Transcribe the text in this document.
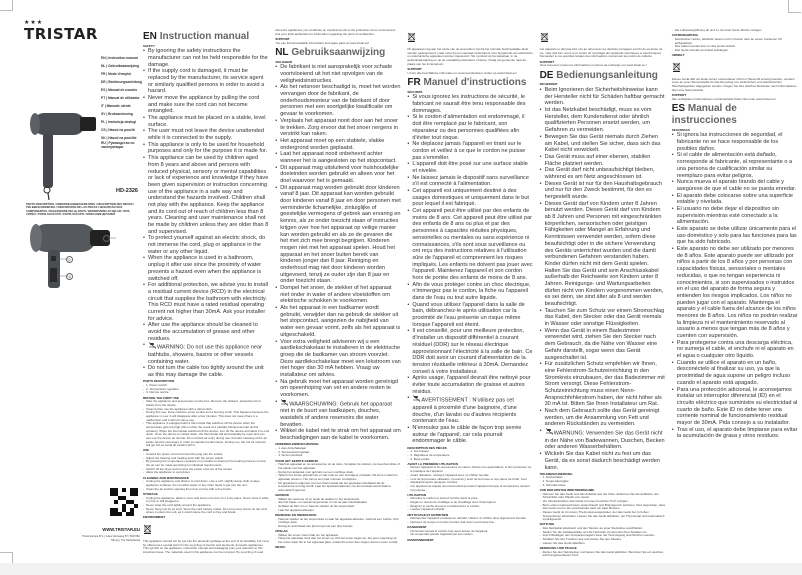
★★★
TRISTAR
EN | Instruction manual
NL | Gebruiksaanwijzing
FR | Mode d'emploi
DE | Bedienungsanleitung
ES | Manual de usuario
PT | Manual de utilizador
IT | Manuale utente
SV | Bruksanvisning
PL | Instrukcja obsługi
CS | Návod na použití
SK | Návod na použitie
RU | Руководство по эксплуатации
HD-2326
PARTS DESCRIPTION / ONDERDELENBESCHRIJVING / DESCRIPTION DES PIÈCES / TEILEBESCHREIBUNG / DESCRIPCIÓN DE LAS PIEZAS / DESCRIÇÃO DOS COMPONENTES / DESCRIZIONE DELLE PARTI / BESKRIVNING AV DELAR / OPIS CZĘŚCI / POPIS SOUČÁSTÍ / POPIS SÚČASTÍ / ОПИСАНИЕ ДЕТАЛЕЙ
1
2
3
WWW.TRISTAR.EU
Tristar Europe B.V. | Jules Verneweg 87 | 5015 BH Tilburg | The Netherlands
EN Instruction manual
SAFETY
• By ignoring the safety instructions the manufacturer can not be held responsible for the damage.
• If the supply cord is damaged, it must be replaced by the manufacturer, its service agent or similarly qualified persons in order to avoid a hazard.
• Never move the appliance by pulling the cord and make sure the cord can not become entangled.
• The appliance must be placed on a stable, level surface.
• The user must not leave the device unattended while it is connected to the supply.
• This appliance is only to be used for household purposes and only for the purpose it is made for.
• This appliance can be used by children aged from 8 years and above and persons with reduced physical, sensory or mental capabilities or lack of experience and knowledge if they have been given supervision or instruction concerning use of the appliance in a safe way and understand the hazards involved. Children shall not play with the appliance. Keep the appliance and its cord out of reach of children less than 8 years. Cleaning and user maintenance shall not be made by children unless they are older than 8 and supervised.
• To protect yourself against an electric shock, do not immerse the cord, plug or appliance in the water or any other liquid.
• When the appliance is used in a bathroom, unplug it after use since the proximity of water presents a hazard even when the appliance is switched off.
• For additional protection, we advise you to install a residual current device (RCD) in the electrical circuit that supplies the bathroom with electricity. This RCD must have a rated residual operating current not higher than 30mA. Ask your installer for advice.
• After use the appliance should be cleaned to avoid the accumulation of grease and other residues.
• WARNING: Do not use this appliance near bathtubs, showers, basins or other vessels containing water.
• Do not turn the cable too tightly around the unit as this may damage the cable.
PARTS DESCRIPTION
- 1. Power switch
- 2. Temperature regulator
- 3. Narrow nozzle
BEFORE THE FIRST USE
- Take the appliance and accessories out the box. Remove the stickers, protective foil or plastic from the device.
- Clean before use the appliance with a damp cloth.
- During first use, there could be some smoke and a burning smell. This happens because the appliance is new. It will disappear after a few minutes. This does not mean there is a malfunction and it will not cause use.
- This appliance is equipped with a thermostat that switches off the device when the temperature gets too high (this is often the result of a partially blocked air inlet and/or exhaust). When the thermostat switched off the device, turn off the device and allow it to cool down. Once the device is cooled down, the thermostat will automatically be reset and you can use the device as normal. Do not block air entry during use. Periodic cleaning of the air intake hood is necessary in order to maintain performance. During use, the hot air exhaust will get hot so avoid all contact with it.
USE
- Unwind the power cord and insert the plug into the socket.
- Adjust the blowing and heating level with the power switch.
- By pressing the temperature regulator it is possible to interrupt the heating process so that the air can be made according to individual requirements.
- Switch off the dryer and remove the power cord out of the socket.
- Allow the appliance to cool down.
CLEANING AND MAINTENANCE
- Unplug the appliance and allow it to cool down. Use a soft, slightly damp cloth to wipe appliance surfaces. Do not allow water or any other liquid to get into the unit.
- Clean the air suction opening from time to time with a fine brush.
STORAGE
- Unplug the appliance, allow to cool, and store in its box or in a dry place. Never store it while it is hot or still plugged in.
- Never wrap the cord tightly around the appliance.
- Never hang unit by its cord. Store the cord loosely coiled. Do not put any stress on the cord where it enters the unit, as it could cause the cord to fray and break.
ENVIRONMENT

This appliance should not be put into the domestic garbage at the end of its durability, but must be offered at a central point for the recycling of electric and electronic domestic appliances. This symbol on the appliance, instruction manual and packaging puts your attention to this important issue. The materials used in this appliance can be recycled. By recycling of used domestic appliances you contribute an important push to the protection of our environment. Ask your local authorities for information regarding the point of recollection.

SUPPORT

You can find all available information and spare parts at www.tristar.eu!

NL Gebruiksaanwijzing
VEILIGHEID
• De fabrikant is niet aansprakelijk voor schade voortvloeiend uit het niet opvolgen van de veiligheidsinstructies.
• Als het netsnoer beschadigd is, moet het worden vervangen door de fabrikant, de onderhoudsmonteur van de fabrikant of door personen met een soortgelijke kwalificatie om gevaar te voorkomen.
• Verplaats het apparaat nooit door aan het snoer te trekken. Zorg ervoor dat het snoer nergens in verstrikt kan raken.
• Het apparaat moet op een stabiele, vlakke ondergrond worden geplaatst.
• Laat het apparaat nooit onbeheerd achter wanneer het is aangesloten op het stopcontact.
• Dit apparaat mag uitsluitend voor huishoudelijke doeleinden worden gebruikt en alleen voor het doel waarvoor het is gemaakt.
• Dit apparaat mag worden gebruikt door kinderen vanaf 8 jaar. Dit apparaat kan worden gebruikt door kinderen vanaf 8 jaar en door personen met verminderde lichamelijke, zintuiglijke of geestelijke vermogens of gebrek aan ervaring en kennis, als ze onder toezicht staan of instructies krijgen over hoe het apparaat op veilige manier kan worden gebruikt en als ze de gevaren die het met zich mee brengt begrijpen. Kinderen mogen niet met het apparaat spelen. Houd het apparaat en het snoer buiten bereik van kinderen jonger dan 8 jaar. Reiniging en onderhoud mag niet door kinderen worden uitgevoerd, tenzij ze ouder zijn dan 8 jaar en onder toezicht staan.
• Dompel het snoer, de stekker of het apparaat niet onder in water of andere vloeistoffen om elektrische schokken te voorkomen.
• Als het apparaat in een badkamer wordt gebruikt, verwijder dan na gebruik de stekker uit het stopcontact, aangezien de nabijheid van water een gevaar vormt, zelfs als het apparaat is uitgeschakeld.
• Voor extra veiligheid adviseren wij u een aardlekschakelaar te installeren in de elektrische groep die de badkamer van stroom voorziet. Deze aardlekschakelaar moet een lekstroom van niet hoger dan 30 mA hebben. Vraag uw installateur om advies.
• Na gebruik moet het apparaat worden gereinigd om opeenhoping van vet en andere resten te voorkomen.
• WAARSCHUWING: Gebruik het apparaat niet in de buurt van badkuipen, douches, wastafels of andere reservoirs die water bevatten.
• Wikkel de kabel niet te strak om het apparaat om beschadigingen aan de kabel te voorkomen.
ONDERDELENBESCHRIJVING
- 1. Aan-/uitschakelaar
- 2. Temperatuurregelaar
- 3. Smal mondstuk
VOOR HET EERSTE GEBRUIK
- Haal het apparaat en de accessoires uit de doos. Verwijder de stickers, de beschermfolie of het plastic van het apparaat.
- Reinig het apparaat voor gebruik met een vochtige doek.
- Tijdens het eerste gebruik kan er wat rook en een brandgeur ontstaan. Dit komt omdat het apparaat nieuw is. Het zal na een paar minuten verdwijnen.
- Dit apparaat is uitgerust met een thermostaat die het apparaat uitschakelt als de temperatuur te hoog wordt. Laat het apparaat afkoelen; de thermostaat wordt daarna automatisch gereset.
GEBRUIK
- Wikkel het netsnoer af en steek de stekker in het stopcontact.
- Stel het blaas- en verwarmingsniveau in met de aan-/uitschakelaar.
- Schakel de föhn uit en haal de stekker uit het stopcontact.
- Laat het apparaat afkoelen.
REINIGING EN ONDERHOUD
- Haal de stekker uit het stopcontact en laat het apparaat afkoelen. Gebruik een zachte, licht vochtige doek.
- Reinig de luchtinlaat van tijd tot tijd met een fijne borstel.
OPSLAG
- Wikkel het snoer nooit strak om het apparaat.
- Hang het apparaat nooit aan het snoer op. Rol het snoer losjes op. Zet geen spanning op het snoer waar het in het apparaat gaat, omdat dit ervoor kan zorgen dat het snoer verslijt.
MILIEU

Dit apparaat mag aan het einde van de levensduur niet bij het normale huishoudelijke afval worden gedeponeerd, maar moet bij een speciaal inzamelpunt voor hergebruik van elektrische en elektronische apparaten worden ingeleverd. Het symbool op het apparaat, in de gebruiksaanwijzing en op de verpakking attendeert u hierop. Vraag uw gemeente naar de plaats van het inzamelpunt.

SUPPORT

U kunt alle beschikbare informatie en reserveonderdelen vinden op www.tristar.eu!

FR Manuel d'instructions
SÉCURITÉ
• Si vous ignorez les instructions de sécurité, le fabricant ne saurait être tenu responsable des dommages.
• Si le cordon d'alimentation est endommagé, il doit être remplacé par le fabricant, son réparateur ou des personnes qualifiées afin d'éviter tout risque.
• Ne déplacez jamais l'appareil en tirant sur le cordon et veillez à ce que le cordon ne puisse pas s'emmêler.
• L'appareil doit être posé sur une surface stable et nivelée.
• Ne laissez jamais le dispositif sans surveillance s'il est connecté à l'alimentation.
• Cet appareil est uniquement destiné à des usages domestiques et uniquement dans le but pour lequel il est fabriqué.
• Cet appareil peut être utilisé par des enfants de moins de 8 ans. Cet appareil peut être utilisé par des enfants de 8 ans ou plus et par des personnes à capacités réduites physiques, sensorielles ou mentales ou sans expérience ni connaissances, s'ils sont sous surveillance ou ont reçu des instructions relatives à l'utilisation sûre de l'appareil et comprennent les risques impliqués. Les enfants ne doivent pas jouer avec l'appareil. Maintenez l'appareil et son cordon hors de portée des enfants de moins de 8 ans.
• Afin de vous protéger contre un choc électrique, n'immergez pas le cordon, la fiche ou l'appareil dans de l'eau ou tout autre liquide.
• Quand vous utilisez l'appareil dans la salle de bain, débranchez-le après utilisation car la proximité de l'eau présente un risque même lorsque l'appareil est éteint.
• Il est conseillé, pour une meilleure protection, d'installer un dispositif différentiel à courant résiduel (DDR) sur le réseau électrique approvisionnant l'électricité à la salle de bain. Ce DDR doit avoir un courant d'alimentation de la tension résiduelle inférieur à 30mA. Demandez conseil à votre installateur.
• Après usage, l'appareil devrait être nettoyé pour éviter toute accumulation de graisse et autres résidus.
• AVERTISSEMENT : N'utilisez pas cet appareil à proximité d'une baignoire, d'une douche, d'un lavabo ou d'autres récipients contenant de l'eau.
• N'enroulez pas le câble de façon trop serrée autour de l'appareil, car cela pourrait endommager le câble.
DESCRIPTION DES PIÈCES
- 1. Interrupteur
- 2. Régulateur de température
- 3. Buse étroite
AVANT LA PREMIÈRE UTILISATION
- Retirez l'appareil et les accessoires du carton. Retirez les autocollants, le film protecteur ou le plastique de l'appareil.
- Avant utilisation, nettoyez l'appareil avec un chiffon humide.
- Lors de la première utilisation, il pourrait y avoir de la fumée et une odeur de brûlé. Ceci disparaîtra après quelques minutes.
- Cet appareil est équipé d'un thermostat qui éteint l'appareil lorsque la température devient trop élevée.
UTILISATION
- Déroulez le cordon et insérez la fiche dans la prise.
- Réglez le niveau de soufflage et de chauffage avec l'interrupteur.
- Éteignez le sèche-cheveux et débranchez le cordon.
- Laissez l'appareil refroidir.
NETTOYAGE ET ENTRETIEN
- Débranchez l'appareil et laissez-le refroidir. Utilisez un chiffon doux légèrement humide.
- Nettoyez de temps en temps l'entrée d'air avec une brosse fine.
RANGEMENT
- N'enroulez jamais le cordon trop serré autour de l'appareil.
- Ne suspendez jamais l'appareil par son cordon.
ENVIRONNEMENT

Cet appareil ne doit pas être mis au rebut avec les déchets ménagers à la fin de sa durée de vie, mais doit être remis à un centre de recyclage des appareils électriques et électroniques. Demandez à vos autorités locales des informations concernant les points de collecte.

SUPPORT

Vous trouverez toutes les informations et pièces de rechange sur www.tristar.eu !

DE Bedienungsanleitung
SICHERHEIT
• Beim Ignorieren der Sicherheitshinweise kann der Hersteller nicht für Schäden haftbar gemacht werden.
• Ist das Netzkabel beschädigt, muss es vom Hersteller, dem Kundendienst oder ähnlich qualifizierten Personen ersetzt werden, um Gefahren zu vermeiden.
• Bewegen Sie das Gerät niemals durch Ziehen am Kabel, und stellen Sie sicher, dass sich das Kabel nicht verwickelt.
• Das Gerät muss auf einer ebenen, stabilen Fläche platziert werden.
• Das Gerät darf nicht unbeaufsichtigt bleiben, während es am Netz angeschlossen ist.
• Dieses Gerät ist nur für den Haushaltsgebrauch und nur für den Zweck bestimmt, für den es hergestellt wurde.
• Dieses Gerät darf von Kindern unter 8 Jahren benutzt werden. Dieses Gerät darf von Kindern ab 8 Jahren und Personen mit eingeschränkten körperlichen, sensorischen oder geistigen Fähigkeiten oder Mangel an Erfahrung und Kenntnissen verwendet werden, sofern diese beaufsichtigt oder in die sichere Verwendung des Geräts unterrichtet wurden und die damit verbundenen Gefahren verstanden haben. Kinder dürfen nicht mit dem Gerät spielen. Halten Sie das Gerät und sein Anschlusskabel außerhalb der Reichweite von Kindern unter 8 Jahren. Reinigungs- und Wartungsarbeiten dürfen nicht von Kindern vorgenommen werden, es sei denn, sie sind älter als 8 und werden beaufsichtigt.
• Tauchen Sie zum Schutz vor einem Stromschlag das Kabel, den Stecker oder das Gerät niemals in Wasser oder sonstige Flüssigkeiten.
• Wenn das Gerät in einem Badezimmer verwendet wird, ziehen Sie den Stecker nach dem Gebrauch, da die Nähe von Wasser eine Gefahr darstellt, sogar wenn das Gerät ausgeschaltet ist.
• Für zusätzlichen Schutz empfehlen wir Ihnen, eine Fehlerstrom-Schutzeinrichtung in den Stromkreis einzubauen, der das Badezimmer mit Strom versorgt. Diese Fehlerstrom-Schutzeinrichtung muss einen Nenn-Ansprechfehlerstrom haben, der nicht höher als 30 mA ist. Bitten Sie Ihren Installateur um Rat.
• Nach dem Gebrauch sollte das Gerät gereinigt werden, um die Ansammlung von Fett und anderen Rückständen zu vermeiden.
• WARNUNG: Verwenden Sie das Gerät nicht in der Nähe von Badewannen, Duschen, Becken oder anderen Wasserbehältern.
• Wickeln Sie das Kabel nicht zu fest um das Gerät, da es sonst dadurch beschädigt werden kann.
TEILEBESCHREIBUNG
- 1. Netzschalter
- 2. Temperaturregler
- 3. Schmale Düse
VOR DER ERSTEN INBETRIEBNAHME
- Nehmen Sie das Gerät und das Zubehör aus der Kiste. Entfernen Sie die Aufkleber, die Schutzfolie oder Plastik vom Gerät.
- Vor Inbetriebnahme das Gerät mit einem feuchten Tuch reinigen.
- Beim ersten Gebrauch kann etwas Rauch und Brandgeruch auftreten. Dies liegt daran, dass das Gerät neu ist. Es verschwindet nach ein paar Minuten.
- Dieses Gerät ist mit einem Thermostat ausgestattet, der das Gerät bei zu hohen Temperaturen abschaltet. Lassen Sie das Gerät abkühlen; der Thermostat wird automatisch zurückgesetzt.
NUTZUNG
- Das Netzkabel abwickeln und den Stecker an einer Steckdose anschließen.
- Stellen Sie die Gebläsestärke und die Heizstufe mit dem Ein-/Aus-Schalter ein.
- Durch Betätigen des Temperaturreglers kann der Heizvorgang unterbrochen werden.
- Schalten Sie den Trockner aus und ziehen Sie den Stecker.
- Lassen Sie das Gerät abkühlen.
REINIGUNG UND PFLEGE
- Ziehen Sie den Netzstecker und lassen Sie das Gerät abkühlen. Benutzen Sie ein weiches, leicht angefeuchtetes Tuch.
- Die Luftansaugöffnung ab und zu mit einer feinen Bürste reinigen.
AUFBEWAHRUNG
- Netzstecker ziehen, abkühlen lassen und im Karton oder an einem trockenen Ort aufbewahren.
- Das Kabel niemals fest um das Gerät wickeln.
- Das Gerät niemals am Kabel aufhängen.
UMWELT

Dieses Gerät darf am Ende seiner Lebensdauer nicht im Hausmüll entsorgt werden, sondern muss an einer Sammelstelle für das Recycling von elektrischen und elektronischen Haushaltsgeräten abgegeben werden. Fragen Sie Ihre örtlichen Behörden nach Informationen über eine Sammelstelle.

SUPPORT

Alle verfügbaren Informationen und Ersatzteile finden Sie unter www.tristar.eu!

ES Manual de instrucciones
SEGURIDAD
• Si ignora las instrucciones de seguridad, el fabricante no se hace responsable de los posibles daños.
• Si el cable de alimentación está dañado, corresponde al fabricante, al representante o a una persona de cualificación similar su reemplazo para evitar peligros.
• Nunca mueva el aparato tirando del cable y asegúrese de que el cable no se pueda enredar.
• El aparato debe colocarse sobre una superficie estable y nivelada.
• El usuario no debe dejar el dispositivo sin supervisión mientras esté conectado a la alimentación.
• Este aparato se debe utilizar únicamente para el uso doméstico y solo para las funciones para las que ha sido fabricado.
• Este aparato no debe ser utilizado por menores de 8 años. Este aparato puede ser utilizado por niños a partir de los 8 años y por personas con capacidades físicas, sensoriales o mentales reducidas, o que no tengan experiencia ni conocimientos, si son supervisados o instruidos en el uso del aparato de forma segura y entienden los riesgos implicados. Los niños no pueden jugar con el aparato. Mantenga el aparato y el cable fuera del alcance de los niños menores de 8 años. Los niños no podrán realizar la limpieza ni el mantenimiento reservado al usuario a menos que tengan más de 8 años y cuenten con supervisión.
• Para protegerse contra una descarga eléctrica, no sumerja el cable, el enchufe ni el aparato en el agua o cualquier otro líquido.
• Cuando se utilice el aparato en un baño, desconéctelo al finalizar su uso, ya que la proximidad de agua supone un peligro incluso cuando el aparato está apagado.
• Para una protección adicional, le aconsejamos instalar un interruptor diferencial (ID) en el circuito eléctrico que suministre su electricidad al cuarto de baño. Este ID no debe tener una corriente nominal de funcionamiento residual mayor de 30mA. Pida consejo a su instalador.
• Tras el uso, el aparato debe limpiarse para evitar la acumulación de grasa y otros residuos.
